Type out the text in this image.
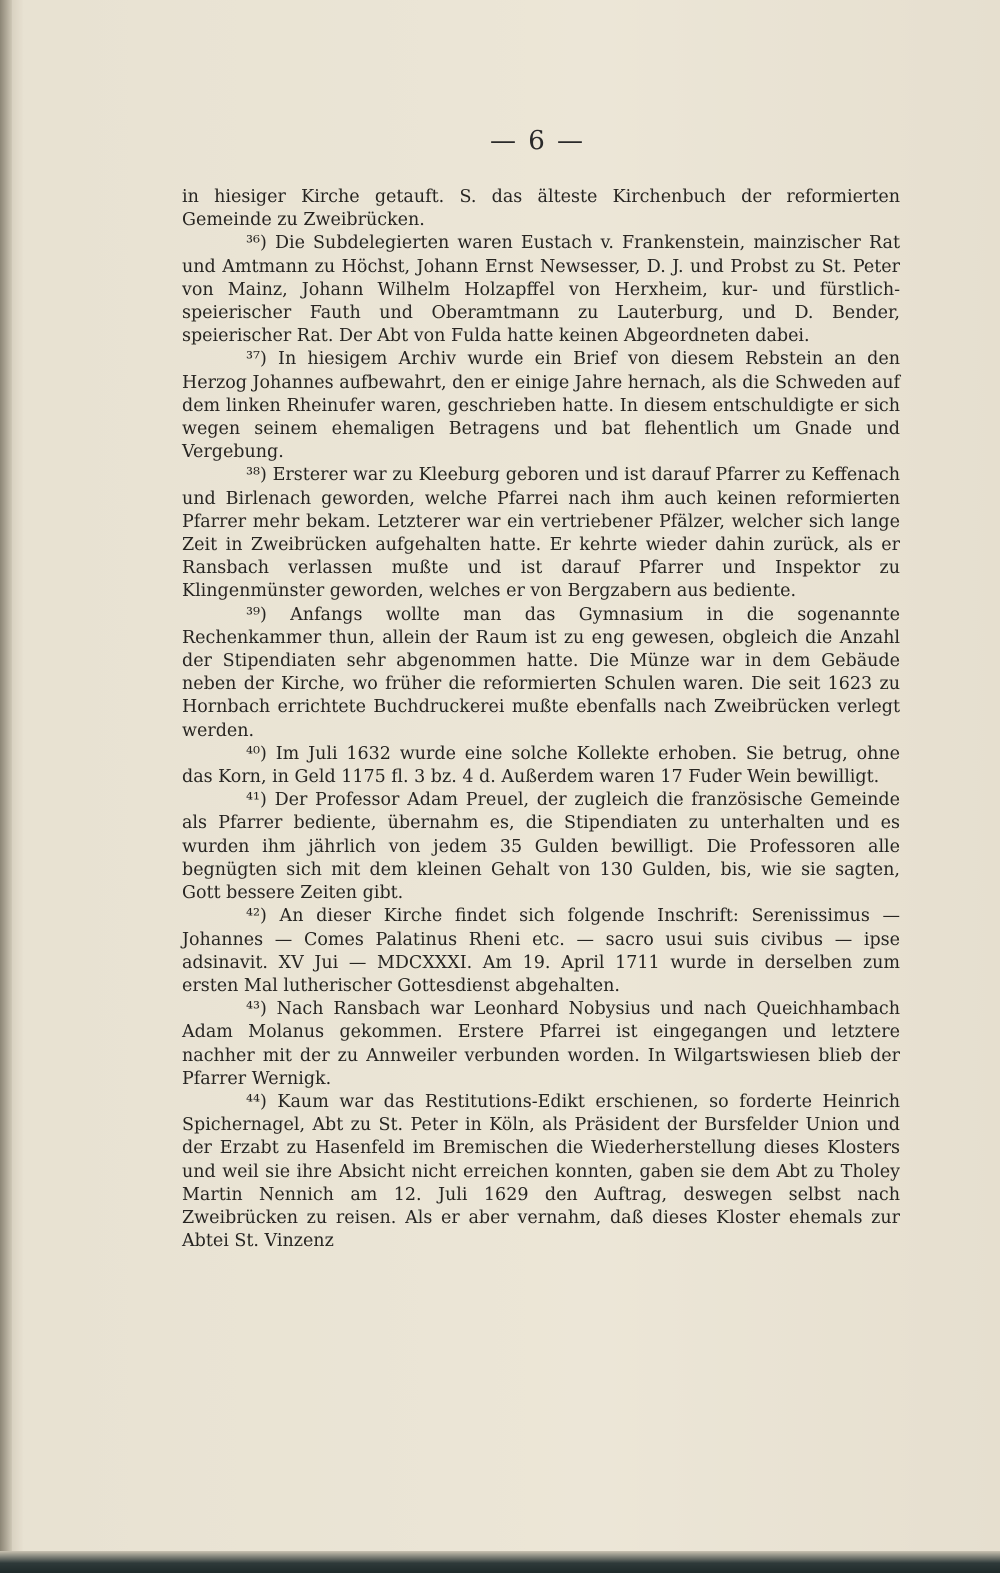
— 6 —

in hiesiger Kirche getauft. S. das älteste Kirchenbuch der reformierten Gemeinde zu Zweibrücken.

³⁶) Die Subdelegierten waren Eustach v. Frankenstein, mainzischer Rat und Amtmann zu Höchst, Johann Ernst Newsesser, D. J. und Probst zu St. Peter von Mainz, Johann Wilhelm Holzapffel von Herxheim, kur- und fürstlich-speierischer Fauth und Oberamtmann zu Lauterburg, und D. Bender, speierischer Rat. Der Abt von Fulda hatte keinen Abgeordneten dabei.

³⁷) In hiesigem Archiv wurde ein Brief von diesem Rebstein an den Herzog Johannes aufbewahrt, den er einige Jahre hernach, als die Schweden auf dem linken Rheinufer waren, geschrieben hatte. In diesem entschuldigte er sich wegen seinem ehemaligen Betragens und bat flehentlich um Gnade und Vergebung.

³⁸) Ersterer war zu Kleeburg geboren und ist darauf Pfarrer zu Keffenach und Birlenach geworden, welche Pfarrei nach ihm auch keinen reformierten Pfarrer mehr bekam. Letzterer war ein vertriebener Pfälzer, welcher sich lange Zeit in Zweibrücken aufgehalten hatte. Er kehrte wieder dahin zurück, als er Ransbach verlassen mußte und ist darauf Pfarrer und Inspektor zu Klingenmünster geworden, welches er von Bergzabern aus bediente.

³⁹) Anfangs wollte man das Gymnasium in die sogenannte Rechenkammer thun, allein der Raum ist zu eng gewesen, obgleich die Anzahl der Stipendiaten sehr abgenommen hatte. Die Münze war in dem Gebäude neben der Kirche, wo früher die reformierten Schulen waren. Die seit 1623 zu Hornbach errichtete Buchdruckerei mußte ebenfalls nach Zweibrücken verlegt werden.

⁴⁰) Im Juli 1632 wurde eine solche Kollekte erhoben. Sie betrug, ohne das Korn, in Geld 1175 fl. 3 bz. 4 d. Außerdem waren 17 Fuder Wein bewilligt.

⁴¹) Der Professor Adam Preuel, der zugleich die französische Gemeinde als Pfarrer bediente, übernahm es, die Stipendiaten zu unterhalten und es wurden ihm jährlich von jedem 35 Gulden bewilligt. Die Professoren alle begnügten sich mit dem kleinen Gehalt von 130 Gulden, bis, wie sie sagten, Gott bessere Zeiten gibt.

⁴²) An dieser Kirche findet sich folgende Inschrift: Serenissimus — Johannes — Comes Palatinus Rheni etc. — sacro usui suis civibus — ipse adsinavit. XV Jui — MDCXXXI. Am 19. April 1711 wurde in derselben zum ersten Mal lutherischer Gottesdienst abgehalten.

⁴³) Nach Ransbach war Leonhard Nobysius und nach Queichhambach Adam Molanus gekommen. Erstere Pfarrei ist eingegangen und letztere nachher mit der zu Annweiler verbunden worden. In Wilgartswiesen blieb der Pfarrer Wernigk.

⁴⁴) Kaum war das Restitutions-Edikt erschienen, so forderte Heinrich Spichernagel, Abt zu St. Peter in Köln, als Präsident der Bursfelder Union und der Erzabt zu Hasenfeld im Bremischen die Wiederherstellung dieses Klosters und weil sie ihre Absicht nicht erreichen konnten, gaben sie dem Abt zu Tholey Martin Nennich am 12. Juli 1629 den Auftrag, deswegen selbst nach Zweibrücken zu reisen. Als er aber vernahm, daß dieses Kloster ehemals zur Abtei St. Vinzenz
